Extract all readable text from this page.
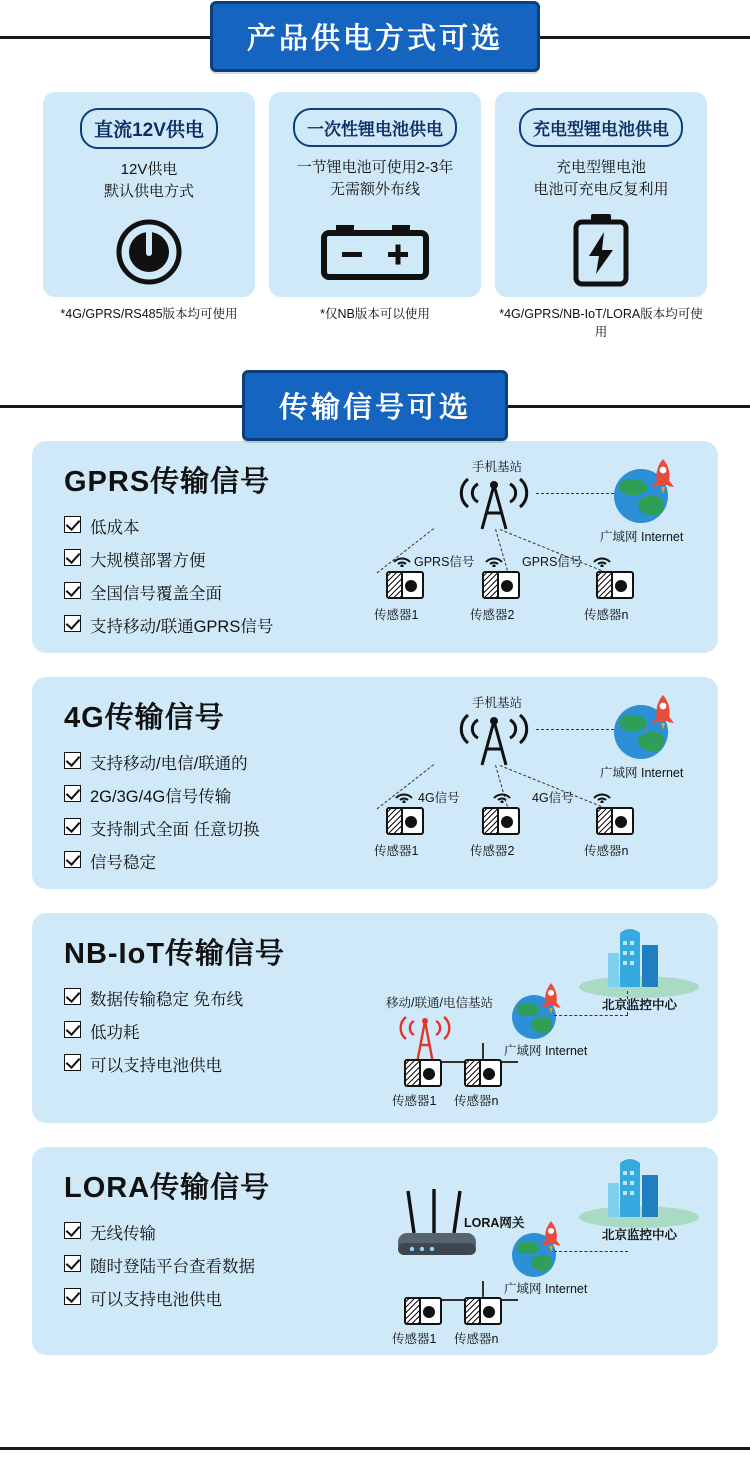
产品供电方式可选
直流12V供电
12V供电
默认供电方式
*4G/GPRS/RS485版本均可使用
一次性锂电池供电
一节锂电池可使用2-3年
无需额外布线
*仅NB版本可以使用
充电型锂电池供电
充电型锂电池
电池可充电反复利用
*4G/GPRS/NB-IoT/LORA版本均可使用
传输信号可选
GPRS传输信号
低成本
大规模部署方便
全国信号覆盖全面
支持移动/联通GPRS信号
手机基站
广域网 Internet
GPRS信号	GPRS信号
传感器1	传感器2	传感器n
4G传输信号
支持移动/电信/联通的
2G/3G/4G信号传输
支持制式全面 任意切换
信号稳定
手机基站
广域网 Internet
4G信号	4G信号
传感器1	传感器2	传感器n
NB-IoT传输信号
数据传输稳定 免布线
低功耗
可以支持电池供电
北京监控中心
移动/联通/电信基站
广域网 Internet
传感器1 传感器n
LORA传输信号
无线传输
随时登陆平台查看数据
可以支持电池供电
北京监控中心
LORA网关
广域网 Internet
传感器1 传感器n
